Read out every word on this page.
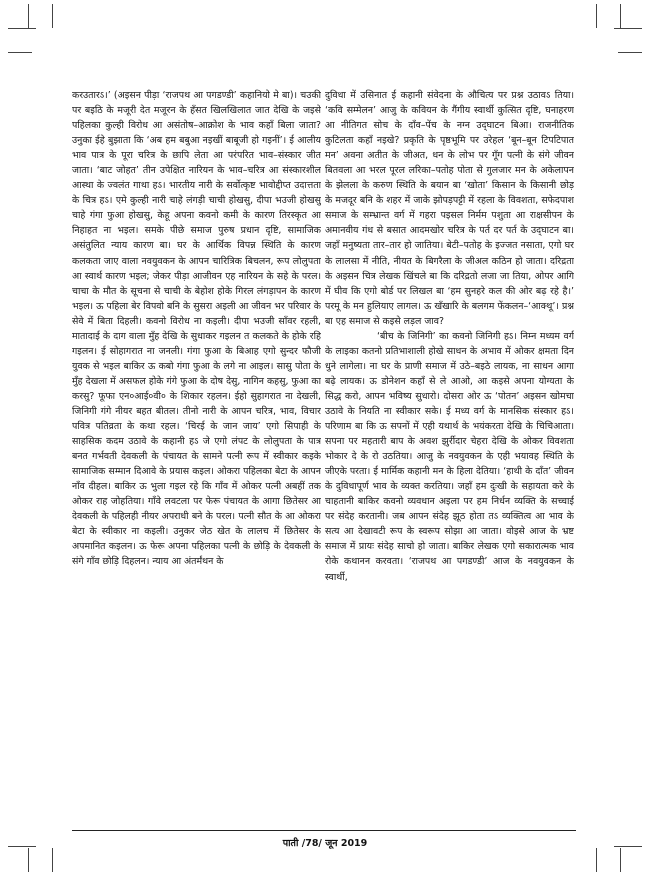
करउतारऽ।’ (अइसन पीड़ा ‘राजपथ आ पगडण्डी’ कहानियो मे बा)। चउकी पर बइठि के मजूरी देत मजूरन के हँसत खिलखिलात जात देखि के जइसे पहिलका कुल्ही विरोध आ असंतोष–आक्रोश के भाव कहाँ बिला जाता? उनुका ईहे बुझाता कि ‘अब हम बबुआ नइखीं बाबूजी हो गइनीं’। ई आलीय भाव पात्र के पूरा चरित्र के छापि लेता आ परंपरित भाव–संस्कार जीत जाता। ‘बाट जोहत’ तीन उपेक्षित नारियन के भाव–चरित्र आ संस्कारशील आस्था के ज्वलंत गाथा हऽ। भारतीय नारी के सर्वोत्कृष्ट भावोद्दीप्त उदात्तता के चित्र हऽ। एमे कुल्ही नारी चाहे लंगड़ी चाची होखसु, दीपा भउजी होखसु चाहे गंगा फुआ होखसु, केहू अपना कवनो कमी के कारण तिरस्कृत आ निहाहत ना भइल। समके पीछे समाज पुरुष प्रधान दृष्टि, सामाजिक असंतुलित न्याय कारण बा। घर के आर्थिक विपन्न स्थिति के कारण कलकता जाए वाला नवयुवकन के आपन चारित्रिक बिचलन, रूप लोलुपता आ स्वार्थ कारण भइल; जेकर पीड़ा आजीवन एह नारियन के सहे के परल। चाचा के मौत के सूचना से चाची के बेहोश होके गिरल लंगड़ापन के कारण भइल। ऊ पहिला बेर विपवो बनि के सुसरा अइली आ जीवन भर परिवार के सेवे में बिता दिहली। कवनो विरोध ना कइली। दीपा भउजी साँवर रहली, मातादाई के दाग वाला मुँह देखि के सुधाकर गइलन त कलकते के होके रहि गइलन। ई सोहागरात ना जनली। गंगा फुआ के बिआह एगो सुन्दर फौजी युवक से भइल बाकिर ऊ कबो गंगा फुआ के लगे ना आइल। सासु पोता के मुँह देखला में असफल होके गंगे फुआ के दोष देसु, नागिन कहसु, फुआ का करसु? फूफा एन०आई०वी० के शिकार रहलन। ईहो सुहागरात ना देखली, जिनिगी गंगे नीयर बहत बीतल। तीनो नारी के आपन चरित्र, भाव, विचार पवित्र पतिव्रता के कथा रहल। ‘चिरई के जान जाय’ एगो सिपाही के साहसिक कदम उठावे के कहानी हऽ जे एगो लंपट के लोलुपता के पात्र बनत गर्भवती देवकली के पंचायत के सामने पत्नी रूप में स्वीकार कइके सामाजिक सम्मान दिआवे के प्रयास कइल। ओकरा पहिलका बेटा के आपन नाँव दीहल। बाकिर ऊ भुला गइल रहे कि गाँव में ओकर पत्नी अबहीं तक ओकर राह जोहतिया। गाँवे लवटला पर फेरू पंचायत के आगा छितेसर आ देवकली के पहिलही नीयर अपराधी बने के परल। पत्नी सौत के आ ओकरा बेटा के स्वीकार ना कइली। उनुकर जेठ खेत के लालच में छितेसर के अपमानित कइलन। ऊ फेरू अपना पहिलका पत्नी के छोड़ि के देवकली के संगे गाँव छोड़ि दिहलन। न्याय आ अंतर्मंथन के

दुविधा में उसिनात ई कहानी संवेदना के औचित्य पर प्रश्न उठावऽ तिया। ‘कवि सम्मेलन’ आजु के कवियन के गैंगीय स्वार्थी कुत्सित दृष्टि, घनाहरण आ नीतिगत सोच के दाँव–पेंच के नग्न उद्‌घाटन बिआ। राजनीतिक कुटिलता कहाँ नइखे? प्रकृति के पृष्ठभूमि पर उरेहल ‘बून–बून टिपटिपात मन’ अवना अतीत के जीअत, धन के लोभ पर गूँग पत्नी के संगे जीवन बितवला आ भरल पूरल लरिका–पतोह पोता से गुलजार मन के अकेलापन के झेलला के करुण स्थिति के बयान बा ‘खोता’ किसान के किसानी छोड़ के मजदूर बनि के शहर में जाके झोपड़पट्टी में रहला के विवशता, सफेदपाश समाज के सम्भ्रान्त वर्ग में गहरा पइसल निर्मम पशुता आ राक्षसीपन के अमानवीय गंध से बसात आदमखोर चरित्र के पर्त दर पर्त के उद्‌घाटन बा। जहाँ मनुष्यता तार–तार हो जातिया। बेटी–पतोह के इज्जत नसाता, एगो घर के लालसा में नीति, नीयत के बिगरैला के जीअल कठिन हो जाता। दरिद्रता के अइसन चित्र लेखक खिंचले बा कि दरिद्रतो लजा जा तिया, ओपर आगि में घीव कि एगो बोर्ड पर लिखल बा ‘हम सुनहरे कल की ओर बढ़ रहे है।’ परमू के मन हुलियाए लागल। ऊ खँखारि के बलगम फेंकलन–‘आक्थू’। प्रश्न बा एह समाज से कइसे लड़ल जाव?

‘बीच के जिनिगी’ का कवनो जिनिगी हऽ। निम्न मध्यम वर्ग के लाइका कतनो प्रतिभाशाली होखे साधन के अभाव में ओकर क्षमता दिन धुने लागेला। ना घर के प्राणी समाज में उठे–बइठे लायक, ना साधन आगा बढ़े लायक। ऊ डोनेशन कहाँ से ले आओ, आ कइसे अपना योग्यता के सिद्ध करो, आपन भविष्य सुधारो। दोसरा ओर ऊ ‘पोतन’ अइसन खोमचा उठावे के नियति ना स्वीकार सके। ई मध्य वर्ग के मानसिक संस्कार हऽ। परिणाम बा कि ऊ सपनों में एही यथार्थ के भयंकरता देखि के चिचिआता। सपना पर महतारी बाप के अवश झुर्रीदार चेहरा देखि के ओकर विवशता भोकार दे के रो उठतिया। आजु के नवयुवकन के एही भयावह स्थिति के जीएके परता। ई मार्मिक कहानी मन के हिला देतिया। ‘हाथी के दाँत’ जीवन के दुविधापूर्ण भाव के व्यक्त करतिया। जहाँ हम दुःखी के सहायता करे के चाहतानी बाकिर कवनो व्यवधान अइला पर हम निर्धन व्यक्ति के सच्चाई पर संदेह करतानी। जब आपन संदेह झूठ होता तऽ व्यक्तित्व आ भाव के सत्य आ देखावटी रूप के स्वरूप सोझा आ जाता। वोइसे आज के भ्रष्ट समाज में प्रायः संदेह साचो हो जाता। बाकिर लेखक एगो सकारात्मक भाव रोके कथानन करवता। ‘राजपथ आ पगडण्डी’ आज के नवयुवकन के स्वार्थी,

पाती /78/ जून 2019
